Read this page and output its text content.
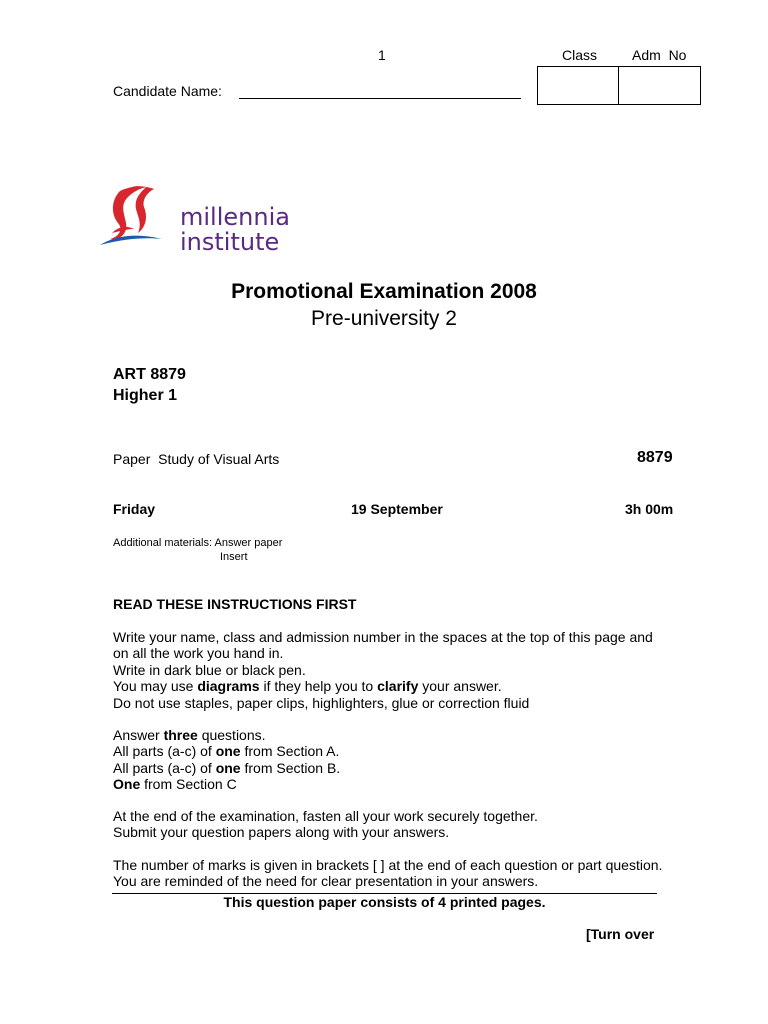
1	Class Adm  No
Candidate Name:
millennia
institute
Promotional Examination 2008
Pre-university 2
ART 8879
Higher 1
Paper  Study of Visual Arts	8879
Friday	19 September	3h 00m
Additional materials: Answer paper
Insert
READ THESE INSTRUCTIONS FIRST
Write your name, class and admission number in the spaces at the top of this page and
on all the work you hand in.
Write in dark blue or black pen.
You may use diagrams if they help you to clarify your answer.
Do not use staples, paper clips, highlighters, glue or correction fluid
Answer three questions.
All parts (a-c) of one from Section A.
All parts (a-c) of one from Section B.
One from Section C
At the end of the examination, fasten all your work securely together.
Submit your question papers along with your answers.
The number of marks is given in brackets [ ] at the end of each question or part question.
You are reminded of the need for clear presentation in your answers.
This question paper consists of 4 printed pages.
[Turn over
